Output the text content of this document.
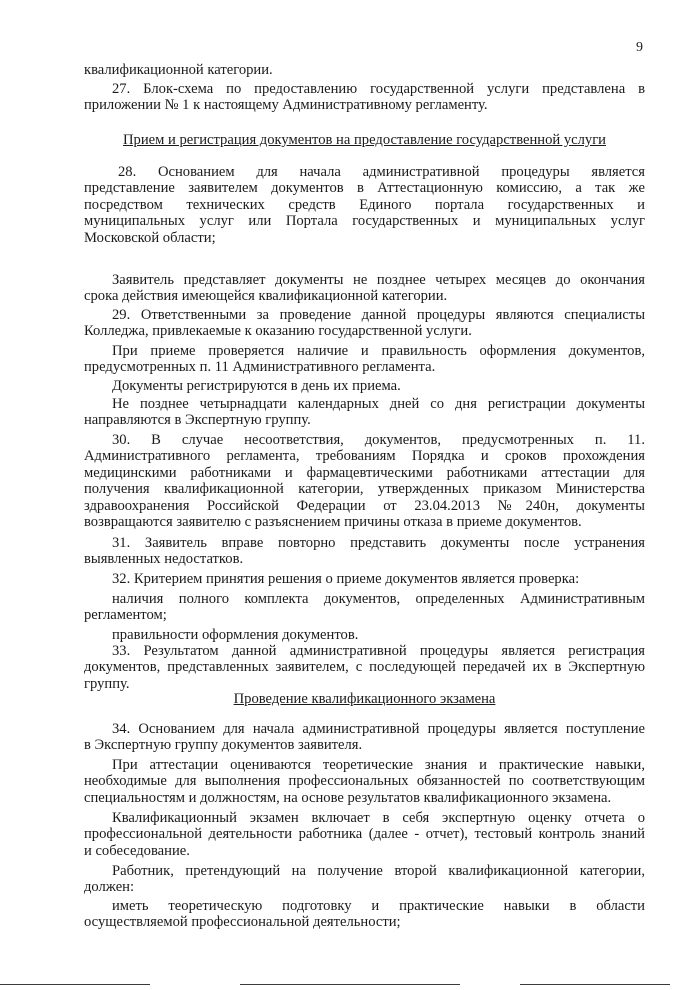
9
квалификационной категории.
27. Блок-схема по предоставлению государственной услуги представлена в
приложении № 1 к настоящему Административному регламенту.
Прием и регистрация документов на предоставление государственной услуги
28. Основанием для начала административной процедуры является
представление заявителем документов в Аттестационную комиссию, а так же
посредством технических средств Единого портала государственных и
муниципальных услуг или Портала государственных и муниципальных услуг
Московской области;
Заявитель представляет документы не позднее четырех месяцев до окончания
срока действия имеющейся квалификационной категории.
29. Ответственными за проведение данной процедуры являются специалисты
Колледжа, привлекаемые к оказанию государственной услуги.
При приеме проверяется наличие и правильность оформления документов,
предусмотренных п. 11 Административного регламента.
Документы регистрируются в день их приема.
Не позднее четырнадцати календарных дней со дня регистрации документы
направляются в Экспертную группу.
30. В случае несоответствия, документов, предусмотренных п. 11.
Административного регламента, требованиям Порядка и сроков прохождения
медицинскими работниками и фармацевтическими работниками аттестации для
получения квалификационной категории, утвержденных приказом Министерства
здравоохранения Российской Федерации от 23.04.2013 №240н, документы
возвращаются заявителю с разъяснением причины отказа в приеме документов.
31. Заявитель вправе повторно представить документы после устранения
выявленных недостатков.
32. Критерием принятия решения о приеме документов является проверка:
наличия полного комплекта документов, определенных Административным
регламентом;
правильности оформления документов.
33. Результатом данной административной процедуры является регистрация
документов, представленных заявителем, с последующей передачей их в Экспертную
группу.
Проведение квалификационного экзамена
34. Основанием для начала административной процедуры является поступление
в Экспертную группу документов заявителя.
При аттестации оцениваются теоретические знания и практические навыки,
необходимые для выполнения профессиональных обязанностей по соответствующим
специальностям и должностям, на основе результатов квалификационного экзамена.
Квалификационный экзамен включает в себя экспертную оценку отчета о
профессиональной деятельности работника (далее - отчет), тестовый контроль знаний
и собеседование.
Работник, претендующий на получение второй квалификационной категории,
должен:
иметь теоретическую подготовку и практические навыки в области
осуществляемой профессиональной деятельности;
